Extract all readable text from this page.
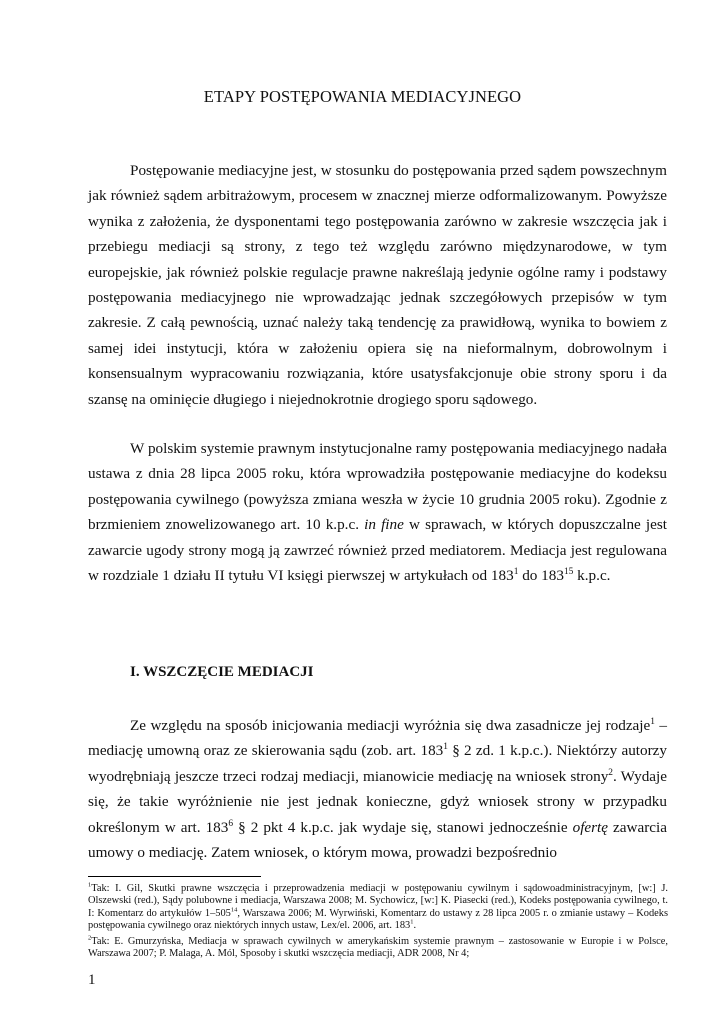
ETAPY POSTĘPOWANIA MEDIACYJNEGO

Postępowanie mediacyjne jest, w stosunku do postępowania przed sądem powszechnym jak również sądem arbitrażowym, procesem w znacznej mierze odformalizowanym. Powyższe wynika z założenia, że dysponentami tego postępowania zarówno w zakresie wszczęcia jak i przebiegu mediacji są strony, z tego też względu zarówno międzynarodowe, w tym europejskie, jak również polskie regulacje prawne nakreślają jedynie ogólne ramy i podstawy postępowania mediacyjnego nie wprowadzając jednak szczegółowych przepisów w tym zakresie. Z całą pewnością, uznać należy taką tendencję za prawidłową, wynika to bowiem z samej idei instytucji, która w założeniu opiera się na nieformalnym, dobrowolnym i konsensualnym wypracowaniu rozwiązania, które usatysfakcjonuje obie strony sporu i da szansę na ominięcie długiego i niejednokrotnie drogiego sporu sądowego.

W polskim systemie prawnym instytucjonalne ramy postępowania mediacyjnego nadała ustawa z dnia 28 lipca 2005 roku, która wprowadziła postępowanie mediacyjne do kodeksu postępowania cywilnego (powyższa zmiana weszła w życie 10 grudnia 2005 roku). Zgodnie z brzmieniem znowelizowanego art. 10 k.p.c. in fine w sprawach, w których dopuszczalne jest zawarcie ugody strony mogą ją zawrzeć również przed mediatorem. Mediacja jest regulowana w rozdziale 1 działu II tytułu VI księgi pierwszej w artykułach od $183^1$ do $183^{15}$ k.p.c.

I. WSZCZĘCIE MEDIACJI

Ze względu na sposób inicjowania mediacji wyróżnia się dwa zasadnicze jej rodzaje$^1$ – mediację umowną oraz ze skierowania sądu (zob. art. $183^1$ § 2 zd. 1 k.p.c.). Niektórzy autorzy wyodrębniają jeszcze trzeci rodzaj mediacji, mianowicie mediację na wniosek strony$^2$. Wydaje się, że takie wyróżnienie nie jest jednak konieczne, gdyż wniosek strony w przypadku określonym w art. $183^6$ § 2 pkt 4 k.p.c. jak wydaje się, stanowi jednocześnie ofertę zawarcia umowy o mediację. Zatem wniosek, o którym mowa, prowadzi bezpośrednio

$^1$Tak: I. Gil, Skutki prawne wszczęcia i przeprowadzenia mediacji w postępowaniu cywilnym i sądowoadministracyjnym, [w:] J. Olszewski (red.), Sądy polubowne i mediacja, Warszawa 2008; M. Sychowicz, [w:] K. Piasecki (red.), Kodeks postępowania cywilnego, t. I: Komentarz do artykułów $1-505^{14}$, Warszawa 2006; M. Wyrwiński, Komentarz do ustawy z 28 lipca 2005 r. o zmianie ustawy – Kodeks postępowania cywilnego oraz niektórych innych ustaw, Lex/el. 2006, art. $183^1$.
$^2$Tak: E. Gmurzyńska, Mediacja w sprawach cywilnych w amerykańskim systemie prawnym – zastosowanie w Europie i w Polsce, Warszawa 2007; P. Malaga, A. Mól, Sposoby i skutki wszczęcia mediacji, ADR 2008, Nr 4;
1
